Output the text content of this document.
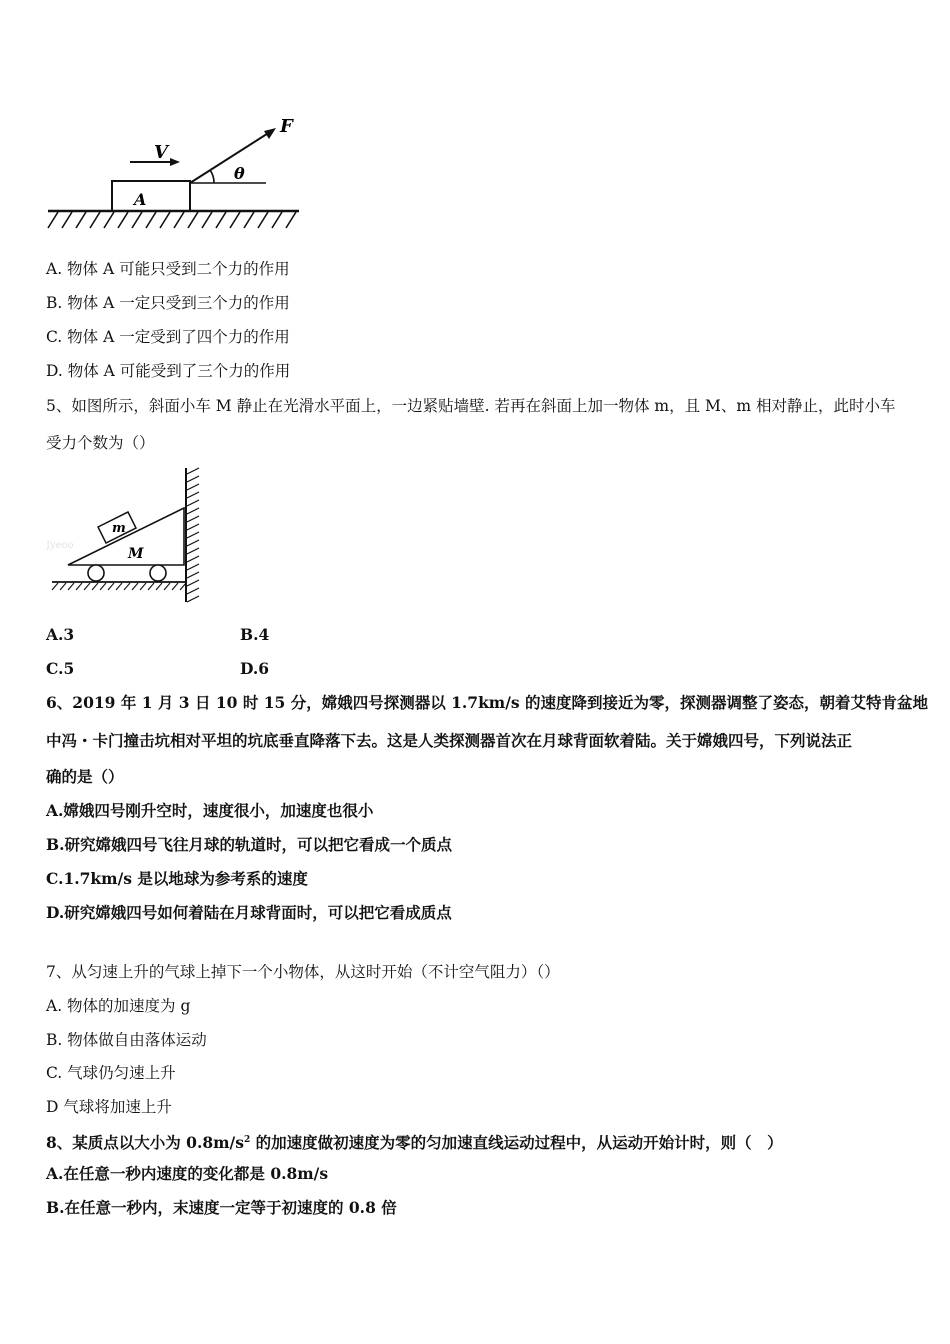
A
V
F
θ
A. 物体 A 可能只受到二个力的作用
B. 物体 A 一定只受到三个力的作用
C. 物体 A 一定受到了四个力的作用
D. 物体 A 可能受到了三个力的作用
5、如图所示，斜面小车 M 静止在光滑水平面上，一边紧贴墙壁. 若再在斜面上加一物体 m，且 M、m 相对静止，此时小车
受力个数为（）
m
M
Jyeoo
A.3	B.4
C.5	D.6
6、2019 年 1 月 3 日 10 时 15 分，嫦娥四号探测器以 1.7km/s 的速度降到接近为零，探测器调整了姿态，朝着艾特肯盆地
中冯・卡门撞击坑相对平坦的坑底垂直降落下去。这是人类探测器首次在月球背面软着陆。关于嫦娥四号，下列说法正
确的是（）
A.嫦娥四号刚升空时，速度很小，加速度也很小
B.研究嫦娥四号飞往月球的轨道时，可以把它看成一个质点
C.1.7km/s 是以地球为参考系的速度
D.研究嫦娥四号如何着陆在月球背面时，可以把它看成质点
7、从匀速上升的气球上掉下一个小物体，从这时开始（不计空气阻力）（）
A. 物体的加速度为 g
B. 物体做自由落体运动
C. 气球仍匀速上升
D 气球将加速上升
8、某质点以大小为 $0.8m/s^2$ 的加速度做初速度为零的匀加速直线运动过程中，从运动开始计时，则（　）
A.在任意一秒内速度的变化都是 0.8m/s
B.在任意一秒内，末速度一定等于初速度的 0.8 倍
